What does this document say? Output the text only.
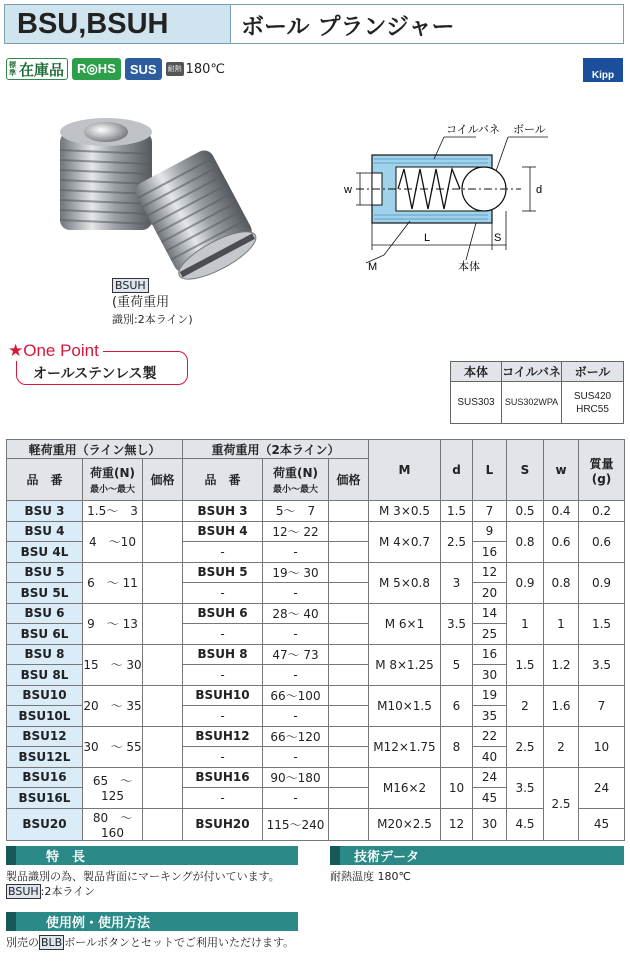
BSU,BSUH	ボール プランジャー
標準 在庫品	R◎HS	SUS	耐熱 180℃	Kipp
BSUH
(重荷重用
識別:2本ライン)
コイルバネ ボール
w	d
L	S
M	本体
オールステンレス製
★One Point
本体	コイルバネ	ボール
SUS303	SUS302WPA	SUS420
HRC55
軽荷重用（ライン無し）			重荷重用（2本ライン）			M	d	L	S	w	質量
(g)
品　番	荷重(N)
最小～最大	価格	品　番	荷重(N)
最小～最大	価格						
BSU 3	1.5～　3		BSUH 3	5～　7		M 3×0.5	1.5	7	0.5	0.4	0.2
BSU 4	4　～10		BSUH 4	12～ 22		M 4×0.7	2.5	9	0.8	0.6	0.6
BSU 4L			-	-				16			
BSU 5	6　～ 11		BSUH 5	19～ 30		M 5×0.8	3	12	0.9	0.8	0.9
BSU 5L			-	-				20			
BSU 6	9　～ 13		BSUH 6	28～ 40		M 6×1	3.5	14	1	1	1.5
BSU 6L			-	-				25			
BSU 8	15　～ 30		BSUH 8	47～ 73		M 8×1.25	5	16	1.5	1.2	3.5
BSU 8L			-	-				30			
BSU10	20　～ 35		BSUH10	66～100		M10×1.5	6	19	2	1.6	7
BSU10L			-	-				35			
BSU12	30　～ 55		BSUH12	66～120		M12×1.75	8	22	2.5	2	10
BSU12L			-	-				40			
BSU16	65　～125		BSUH16	90～180		M16×2	10	24	3.5	2.5	24
BSU16L			-	-				45			
BSU20	80　～160		BSUH20	115～240		M20×2.5	12	30	4.5		45
特　長
製品識別の為、製品背面にマーキングが付いています。
BSUH :2本ライン
技術データ
耐熱温度 180℃
使用例・使用方法
別売の BLB ボールボタンとセットでご利用いただけます。
